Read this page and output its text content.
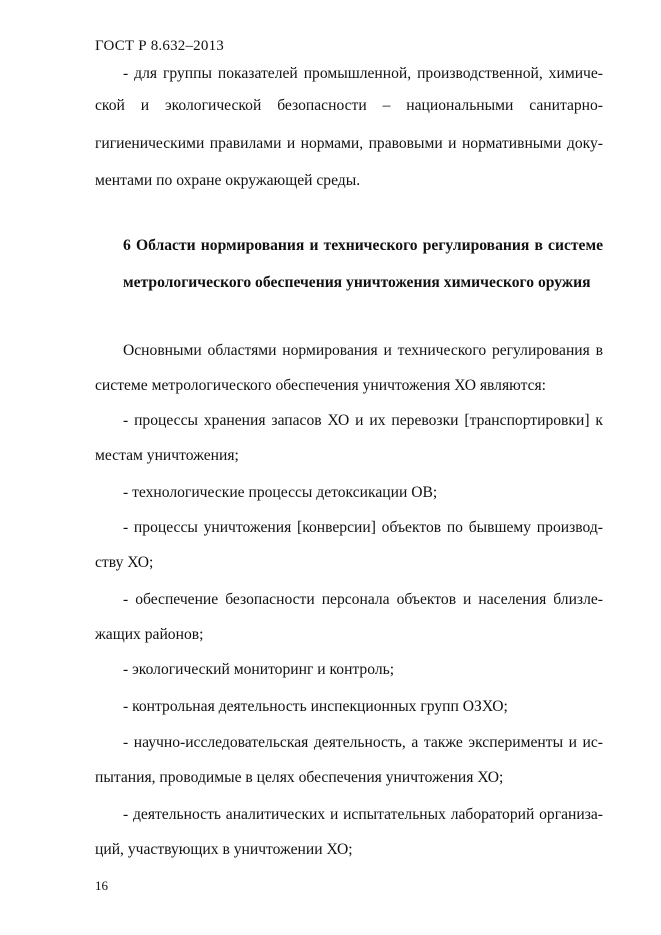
ГОСТ Р 8.632–2013
- для группы показателей промышленной, производственной, химиче-
ской и экологической безопасности – национальными санитарно-
гигиеническими правилами и нормами, правовыми и нормативными доку-
ментами по охране окружающей среды.
6 Области нормирования и технического регулирования в системе
метрологического обеспечения уничтожения химического оружия
Основными областями нормирования и технического регулирования в
системе метрологического обеспечения уничтожения ХО являются:
- процессы хранения запасов ХО и их перевозки [транспортировки] к
местам уничтожения;
- технологические процессы детоксикации ОВ;
- процессы уничтожения [конверсии] объектов по бывшему производ-
ству ХО;
- обеспечение безопасности персонала объектов и населения близле-
жащих районов;
- экологический мониторинг и контроль;
- контрольная деятельность инспекционных групп ОЗХО;
- научно-исследовательская деятельность, а также эксперименты и ис-
пытания, проводимые в целях обеспечения уничтожения ХО;
- деятельность аналитических и испытательных лабораторий организа-
ций, участвующих в уничтожении ХО;
16
